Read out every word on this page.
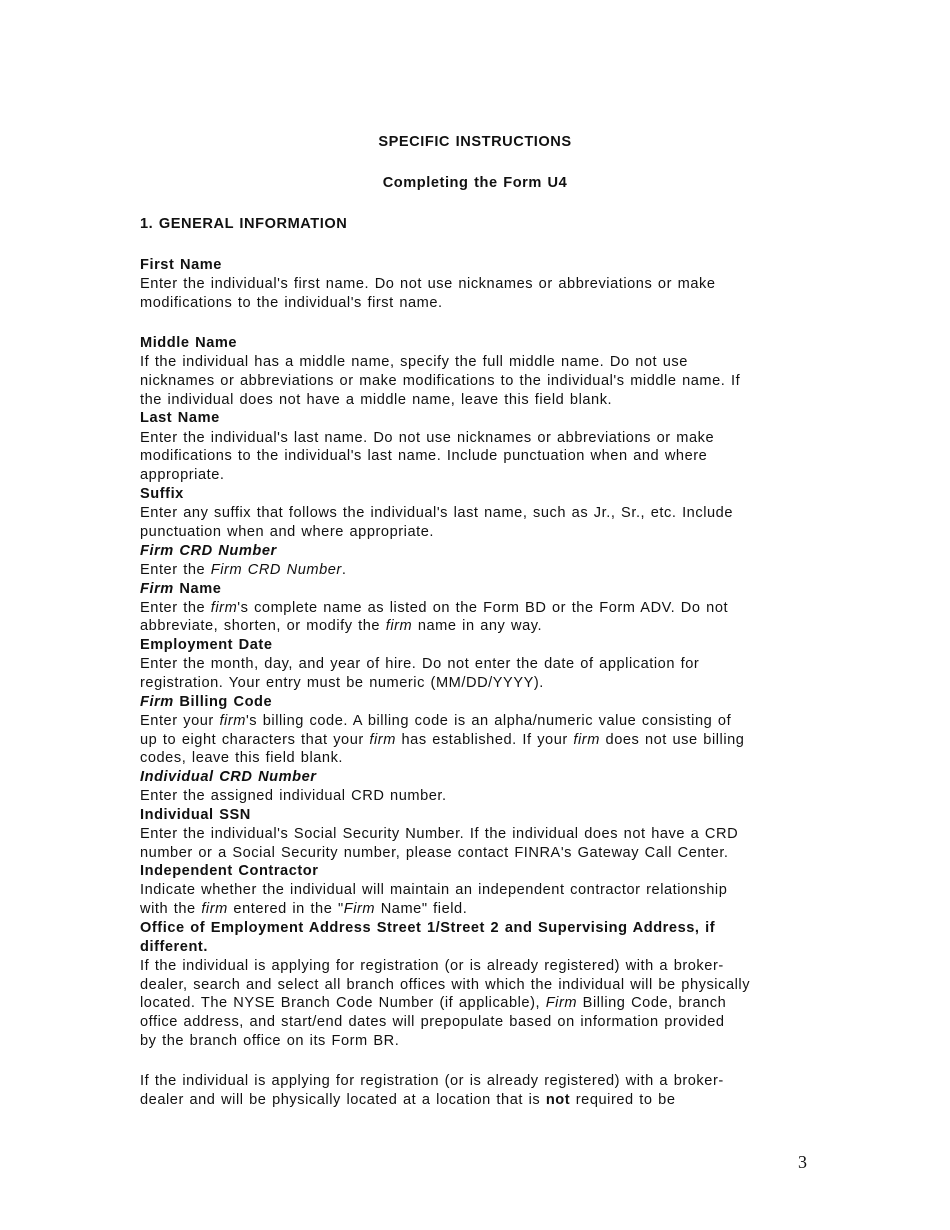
SPECIFIC INSTRUCTIONS
Completing the Form U4
1. GENERAL INFORMATION
First Name
Enter the individual's first name. Do not use nicknames or abbreviations or make
modifications to the individual's first name.
Middle Name
If the individual has a middle name, specify the full middle name. Do not use
nicknames or abbreviations or make modifications to the individual's middle name. If
the individual does not have a middle name, leave this field blank.
Last Name
Enter the individual's last name. Do not use nicknames or abbreviations or make
modifications to the individual's last name. Include punctuation when and where
appropriate.
Suffix
Enter any suffix that follows the individual's last name, such as Jr., Sr., etc. Include
punctuation when and where appropriate.
Firm CRD Number
Enter the Firm CRD Number.
Firm Name
Enter the firm's complete name as listed on the Form BD or the Form ADV. Do not
abbreviate, shorten, or modify the firm name in any way.
Employment Date
Enter the month, day, and year of hire. Do not enter the date of application for
registration. Your entry must be numeric (MM/DD/YYYY).
Firm Billing Code
Enter your firm's billing code. A billing code is an alpha/numeric value consisting of
up to eight characters that your firm has established. If your firm does not use billing
codes, leave this field blank.
Individual CRD Number
Enter the assigned individual CRD number.
Individual SSN
Enter the individual's Social Security Number. If the individual does not have a CRD
number or a Social Security number, please contact FINRA's Gateway Call Center.
Independent Contractor
Indicate whether the individual will maintain an independent contractor relationship
with the firm entered in the "Firm Name" field.
Office of Employment Address Street 1/Street 2 and Supervising Address, if
different.
If the individual is applying for registration (or is already registered) with a broker-
dealer, search and select all branch offices with which the individual will be physically
located. The NYSE Branch Code Number (if applicable), Firm Billing Code, branch
office address, and start/end dates will prepopulate based on information provided
by the branch office on its Form BR.
If the individual is applying for registration (or is already registered) with a broker-
dealer and will be physically located at a location that is not required to be
3
